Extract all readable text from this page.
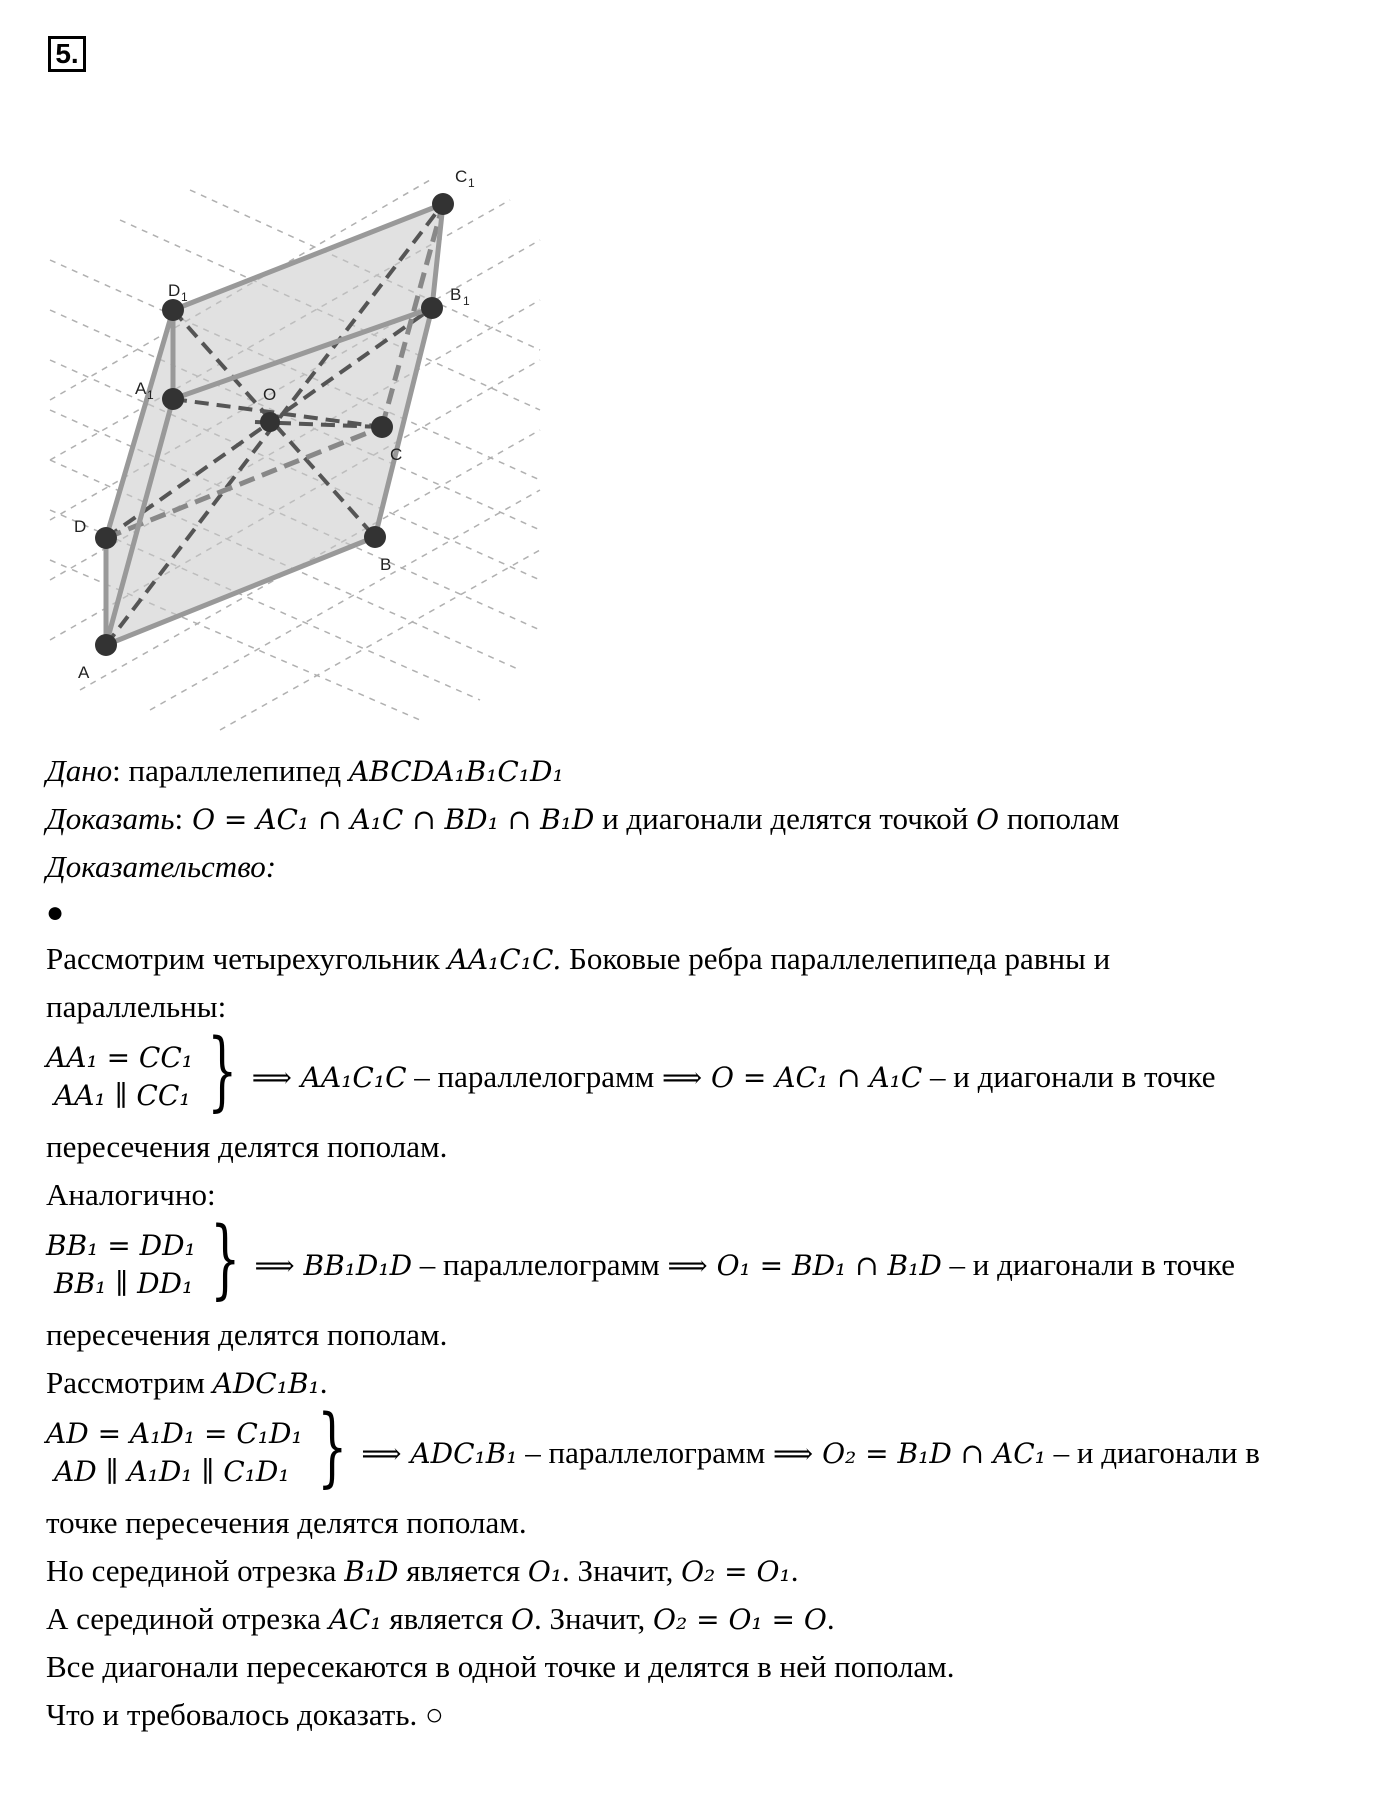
5.
A
B
C
D
A 1
B 1
C 1
D 1
O
Дано: параллелепипед ABCDA₁B₁C₁D₁
Доказать: O = AC₁ ∩ A₁C ∩ BD₁ ∩ B₁D и диагонали делятся точкой O пополам
Доказательство:
●
Рассмотрим четырехугольник AA₁C₁C. Боковые ребра параллелепипеда равны и
параллельны:
AA₁ = CC₁
AA₁ ∥ CC₁ } ⟹ AA₁C₁C – параллелограмм ⟹ O = AC₁ ∩ A₁C – и диагонали в точке
пересечения делятся пополам.
Аналогично:
BB₁ = DD₁
BB₁ ∥ DD₁ } ⟹ BB₁D₁D – параллелограмм ⟹ O₁ = BD₁ ∩ B₁D – и диагонали в точке
пересечения делятся пополам.
Рассмотрим ADC₁B₁.
AD = A₁D₁ = C₁D₁
AD ∥ A₁D₁ ∥ C₁D₁ } ⟹ ADC₁B₁ – параллелограмм ⟹ O₂ = B₁D ∩ AC₁ – и диагонали в
точке пересечения делятся пополам.
Но серединой отрезка B₁D является O₁. Значит, O₂ = O₁.
А серединой отрезка AC₁ является O. Значит, O₂ = O₁ = O.
Все диагонали пересекаются в одной точке и делятся в ней пополам.
Что и требовалось доказать. ○
